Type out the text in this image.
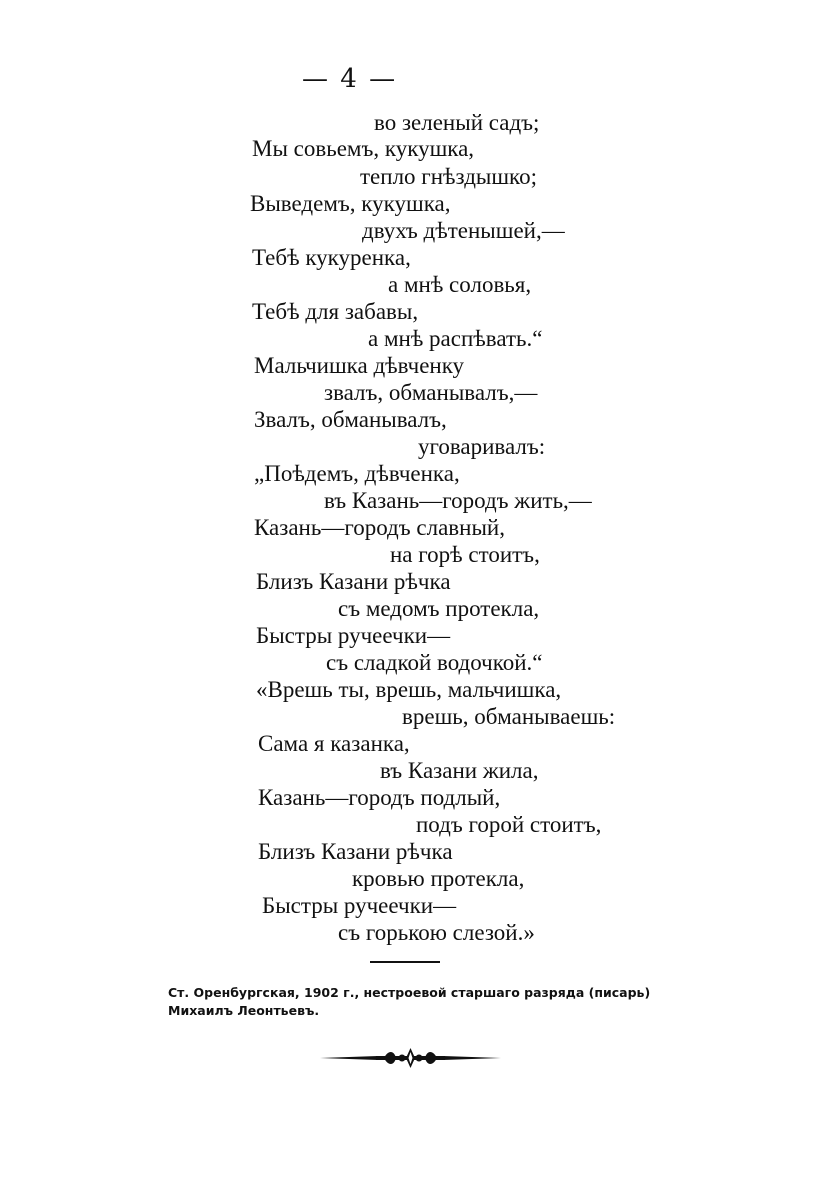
— 4 —
во зеленый садъ;
Мы совьемъ, кукушка,
тепло гнѣздышко;
Выведемъ, кукушка,
двухъ дѣтенышей,—
Тебѣ кукуренка,
а мнѣ соловья,
Тебѣ для забавы,
а мнѣ распѣвать.“
Мальчишка дѣвченку
звалъ, обманывалъ,—
Звалъ, обманывалъ,
уговаривалъ:
„Поѣдемъ, дѣвченка,
въ Казань—городъ жить,—
Казань—городъ славный,
на горѣ стоитъ,
Близъ Казани рѣчка
съ медомъ протекла,
Быстры ручеечки—
съ сладкой водочкой.“
«Врешь ты, врешь, мальчишка,
врешь, обманываешь:
Сама я казанка,
въ Казани жила,
Казань—городъ подлый,
подъ горой стоитъ,
Близъ Казани рѣчка
кровью протекла,
Быстры ручеечки—
съ горькою слезой.»
Ст. Оренбургская, 1902 г., нестроевой старшаго разряда (писарь)
Михаилъ Леонтьевъ.
